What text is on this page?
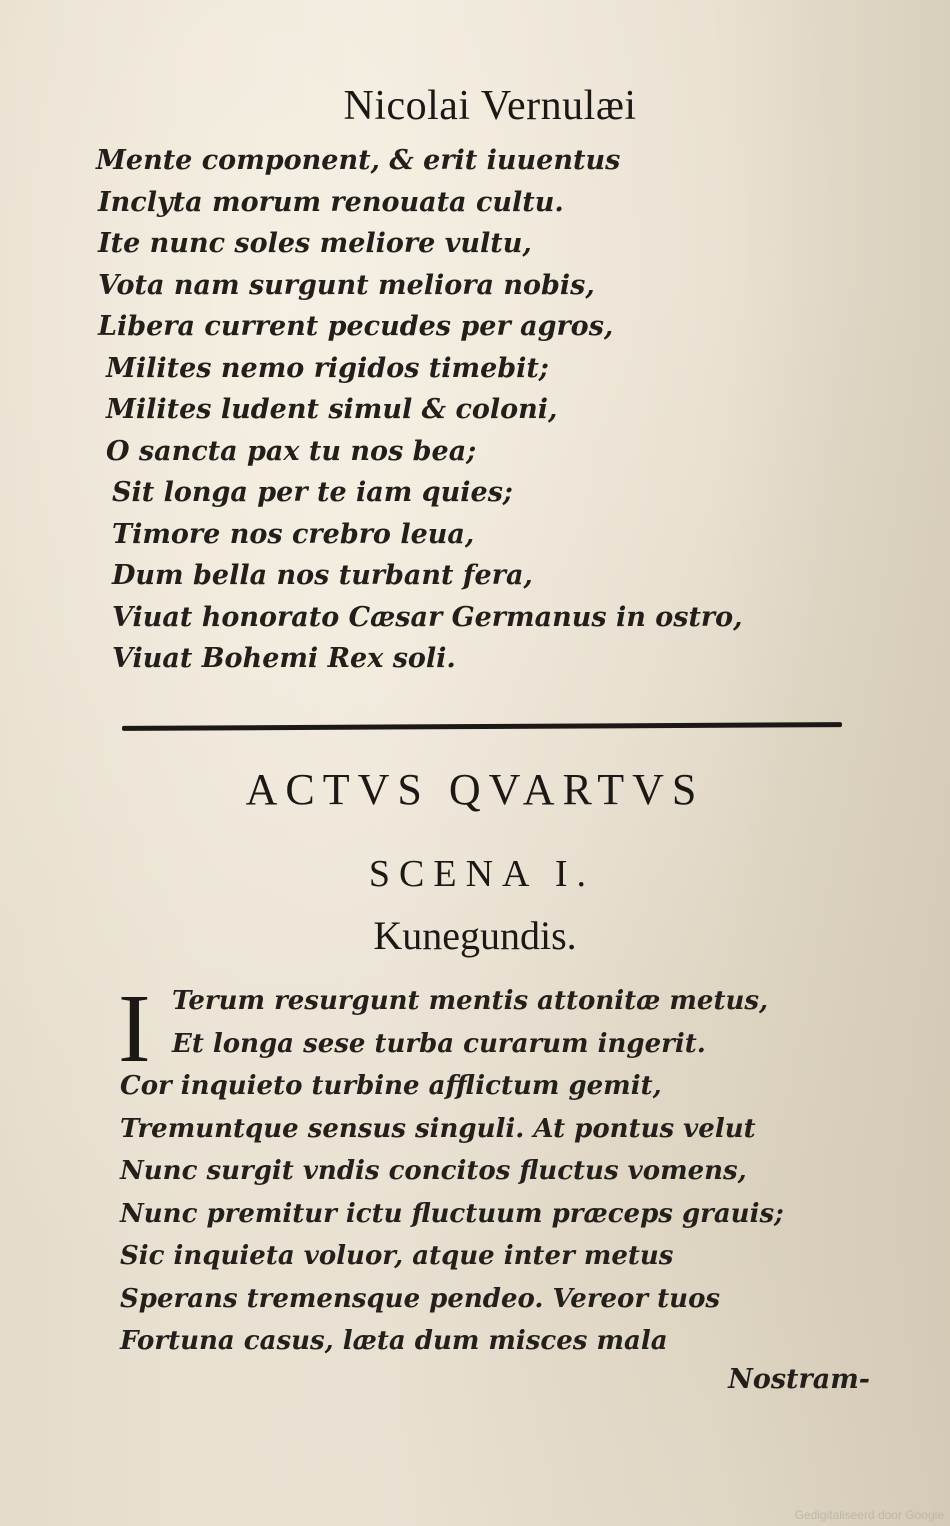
Nicolai Vernulæi
Mente component, & erit iuuentus
Inclyta morum renouata cultu.
Ite nunc soles meliore vultu,
Vota nam surgunt meliora nobis,
Libera current pecudes per agros,
Milites nemo rigidos timebit;
Milites ludent simul & coloni,
O sancta pax tu nos bea;
Sit longa per te iam quies;
Timore nos crebro leua,
Dum bella nos turbant fera,
Viuat honorato Cæsar Germanus in ostro,
Viuat Bohemi Rex soli.
ACTVS QVARTVS
SCENA I.
Kunegundis.
I Terum resurgunt mentis attonitæ metus,
Et longa sese turba curarum ingerit.
Cor inquieto turbine afflictum gemit,
Tremuntque sensus singuli. At pontus velut
Nunc surgit vndis concitos fluctus vomens,
Nunc premitur ictu fluctuum præceps grauis;
Sic inquieta voluor, atque inter metus
Sperans tremensque pendeo. Vereor tuos
Fortuna casus, læta dum misces mala
Nostram-
Gedigitaliseerd door Google
